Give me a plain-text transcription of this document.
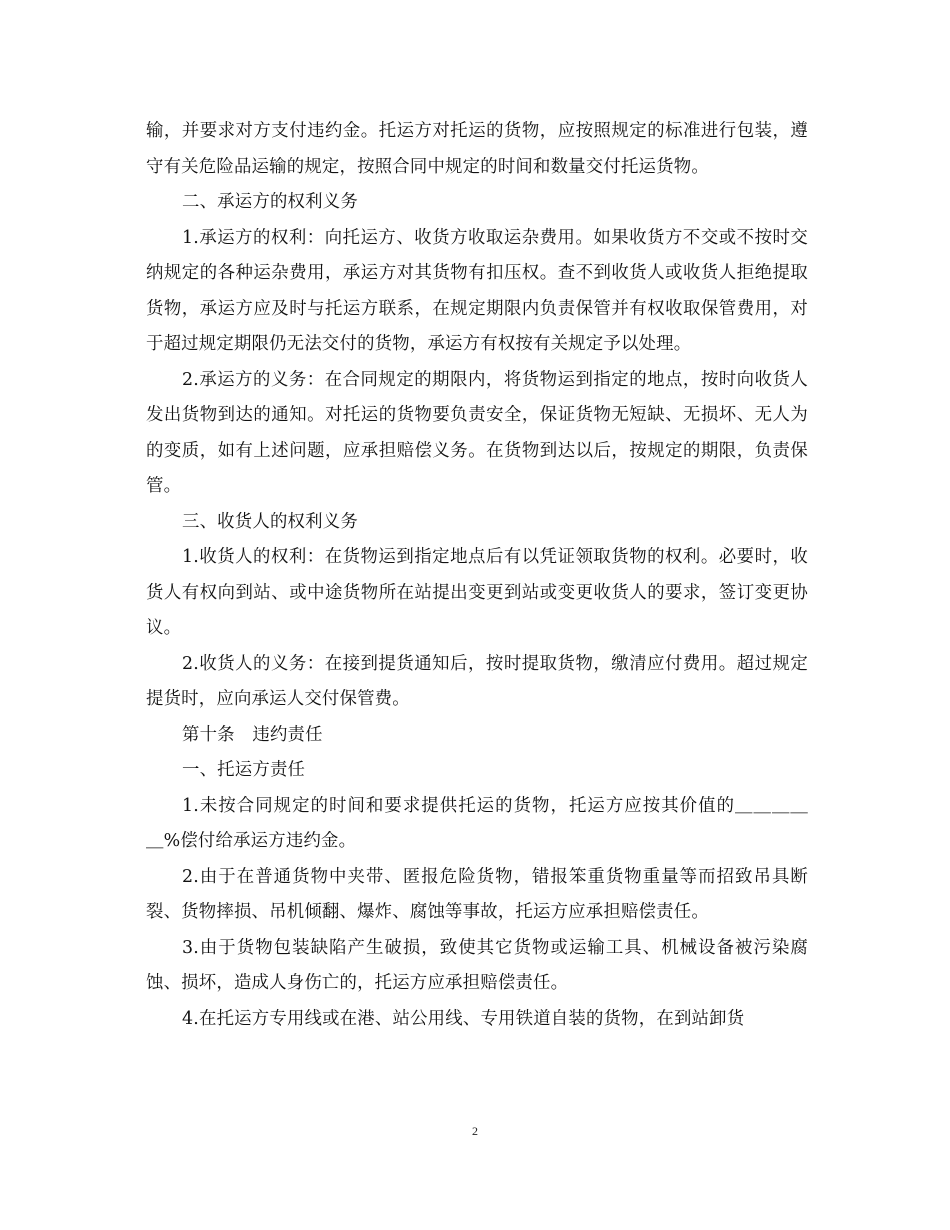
输，并要求对方支付违约金。托运方对托运的货物，应按照规定的标准进行包装，遵守有关危险品运输的规定，按照合同中规定的时间和数量交付托运货物。

二、承运方的权利义务

1.承运方的权利：向托运方、收货方收取运杂费用。如果收货方不交或不按时交纳规定的各种运杂费用，承运方对其货物有扣压权。查不到收货人或收货人拒绝提取货物，承运方应及时与托运方联系，在规定期限内负责保管并有权收取保管费用，对于超过规定期限仍无法交付的货物，承运方有权按有关规定予以处理。

2.承运方的义务：在合同规定的期限内，将货物运到指定的地点，按时向收货人发出货物到达的通知。对托运的货物要负责安全，保证货物无短缺、无损坏、无人为的变质，如有上述问题，应承担赔偿义务。在货物到达以后，按规定的期限，负责保管。

三、收货人的权利义务

1.收货人的权利：在货物运到指定地点后有以凭证领取货物的权利。必要时，收货人有权向到站、或中途货物所在站提出变更到站或变更收货人的要求，签订变更协议。

2.收货人的义务：在接到提货通知后，按时提取货物，缴清应付费用。超过规定提货时，应向承运人交付保管费。

第十条　违约责任

一、托运方责任

1.未按合同规定的时间和要求提供托运的货物，托运方应按其价值的＿＿＿＿＿%偿付给承运方违约金。

2.由于在普通货物中夹带、匿报危险货物，错报笨重货物重量等而招致吊具断裂、货物摔损、吊机倾翻、爆炸、腐蚀等事故，托运方应承担赔偿责任。

3.由于货物包装缺陷产生破损，致使其它货物或运输工具、机械设备被污染腐蚀、损坏，造成人身伤亡的，托运方应承担赔偿责任。

4.在托运方专用线或在港、站公用线、专用铁道自装的货物，在到站卸货

2
